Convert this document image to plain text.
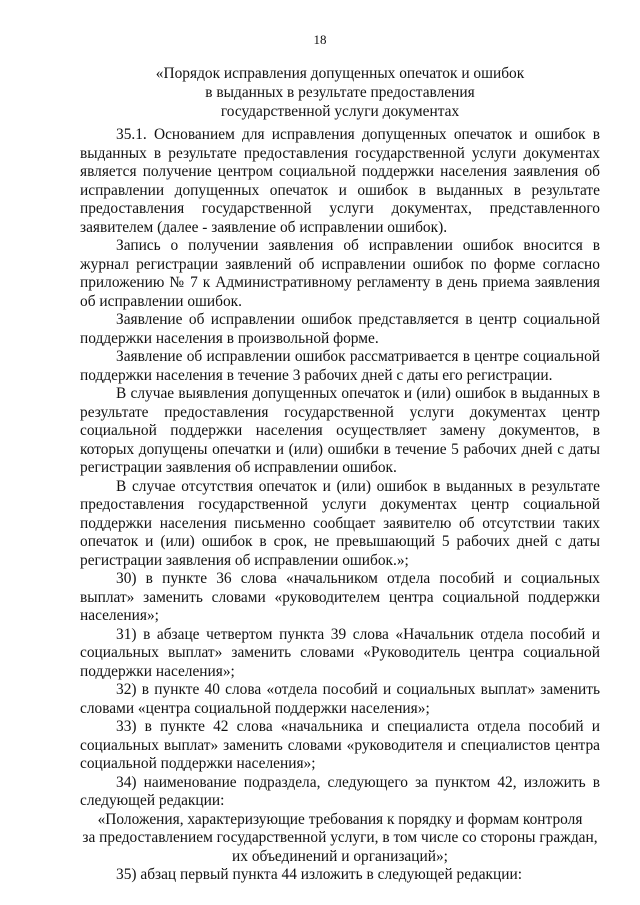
18
«Порядок исправления допущенных опечаток и ошибок
в выданных в результате предоставления
государственной услуги документах

35.1. Основанием для исправления допущенных опечаток и ошибок в выданных в результате предоставления государственной услуги документах является получение центром социальной поддержки населения заявления об исправлении допущенных опечаток и ошибок в выданных в результате предоставления государственной услуги документах, представленного заявителем (далее - заявление об исправлении ошибок).

Запись о получении заявления об исправлении ошибок вносится в журнал регистрации заявлений об исправлении ошибок по форме согласно приложению № 7 к Административному регламенту в день приема заявления об исправлении ошибок.

Заявление об исправлении ошибок представляется в центр социальной поддержки населения в произвольной форме.

Заявление об исправлении ошибок рассматривается в центре социальной поддержки населения в течение 3 рабочих дней с даты его регистрации.

В случае выявления допущенных опечаток и (или) ошибок в выданных в результате предоставления государственной услуги документах центр социальной поддержки населения осуществляет замену документов, в которых допущены опечатки и (или) ошибки в течение 5 рабочих дней с даты регистрации заявления об исправлении ошибок.

В случае отсутствия опечаток и (или) ошибок в выданных в результате предоставления государственной услуги документах центр социальной поддержки населения письменно сообщает заявителю об отсутствии таких опечаток и (или) ошибок в срок, не превышающий 5 рабочих дней с даты регистрации заявления об исправлении ошибок.»;

30) в пункте 36 слова «начальником отдела пособий и социальных выплат» заменить словами «руководителем центра социальной поддержки населения»;

31) в абзаце четвертом пункта 39 слова «Начальник отдела пособий и социальных выплат» заменить словами «Руководитель центра социальной поддержки населения»;

32) в пункте 40 слова «отдела пособий и социальных выплат» заменить словами «центра социальной поддержки населения»;

33) в пункте 42 слова «начальника и специалиста отдела пособий и социальных выплат» заменить словами «руководителя и специалистов центра социальной поддержки населения»;

34) наименование подраздела, следующего за пунктом 42, изложить в следующей редакции:

«Положения, характеризующие требования к порядку и формам контроля
за предоставлением государственной услуги, в том числе со стороны граждан,
их объединений и организаций»;

35) абзац первый пункта 44 изложить в следующей редакции:
